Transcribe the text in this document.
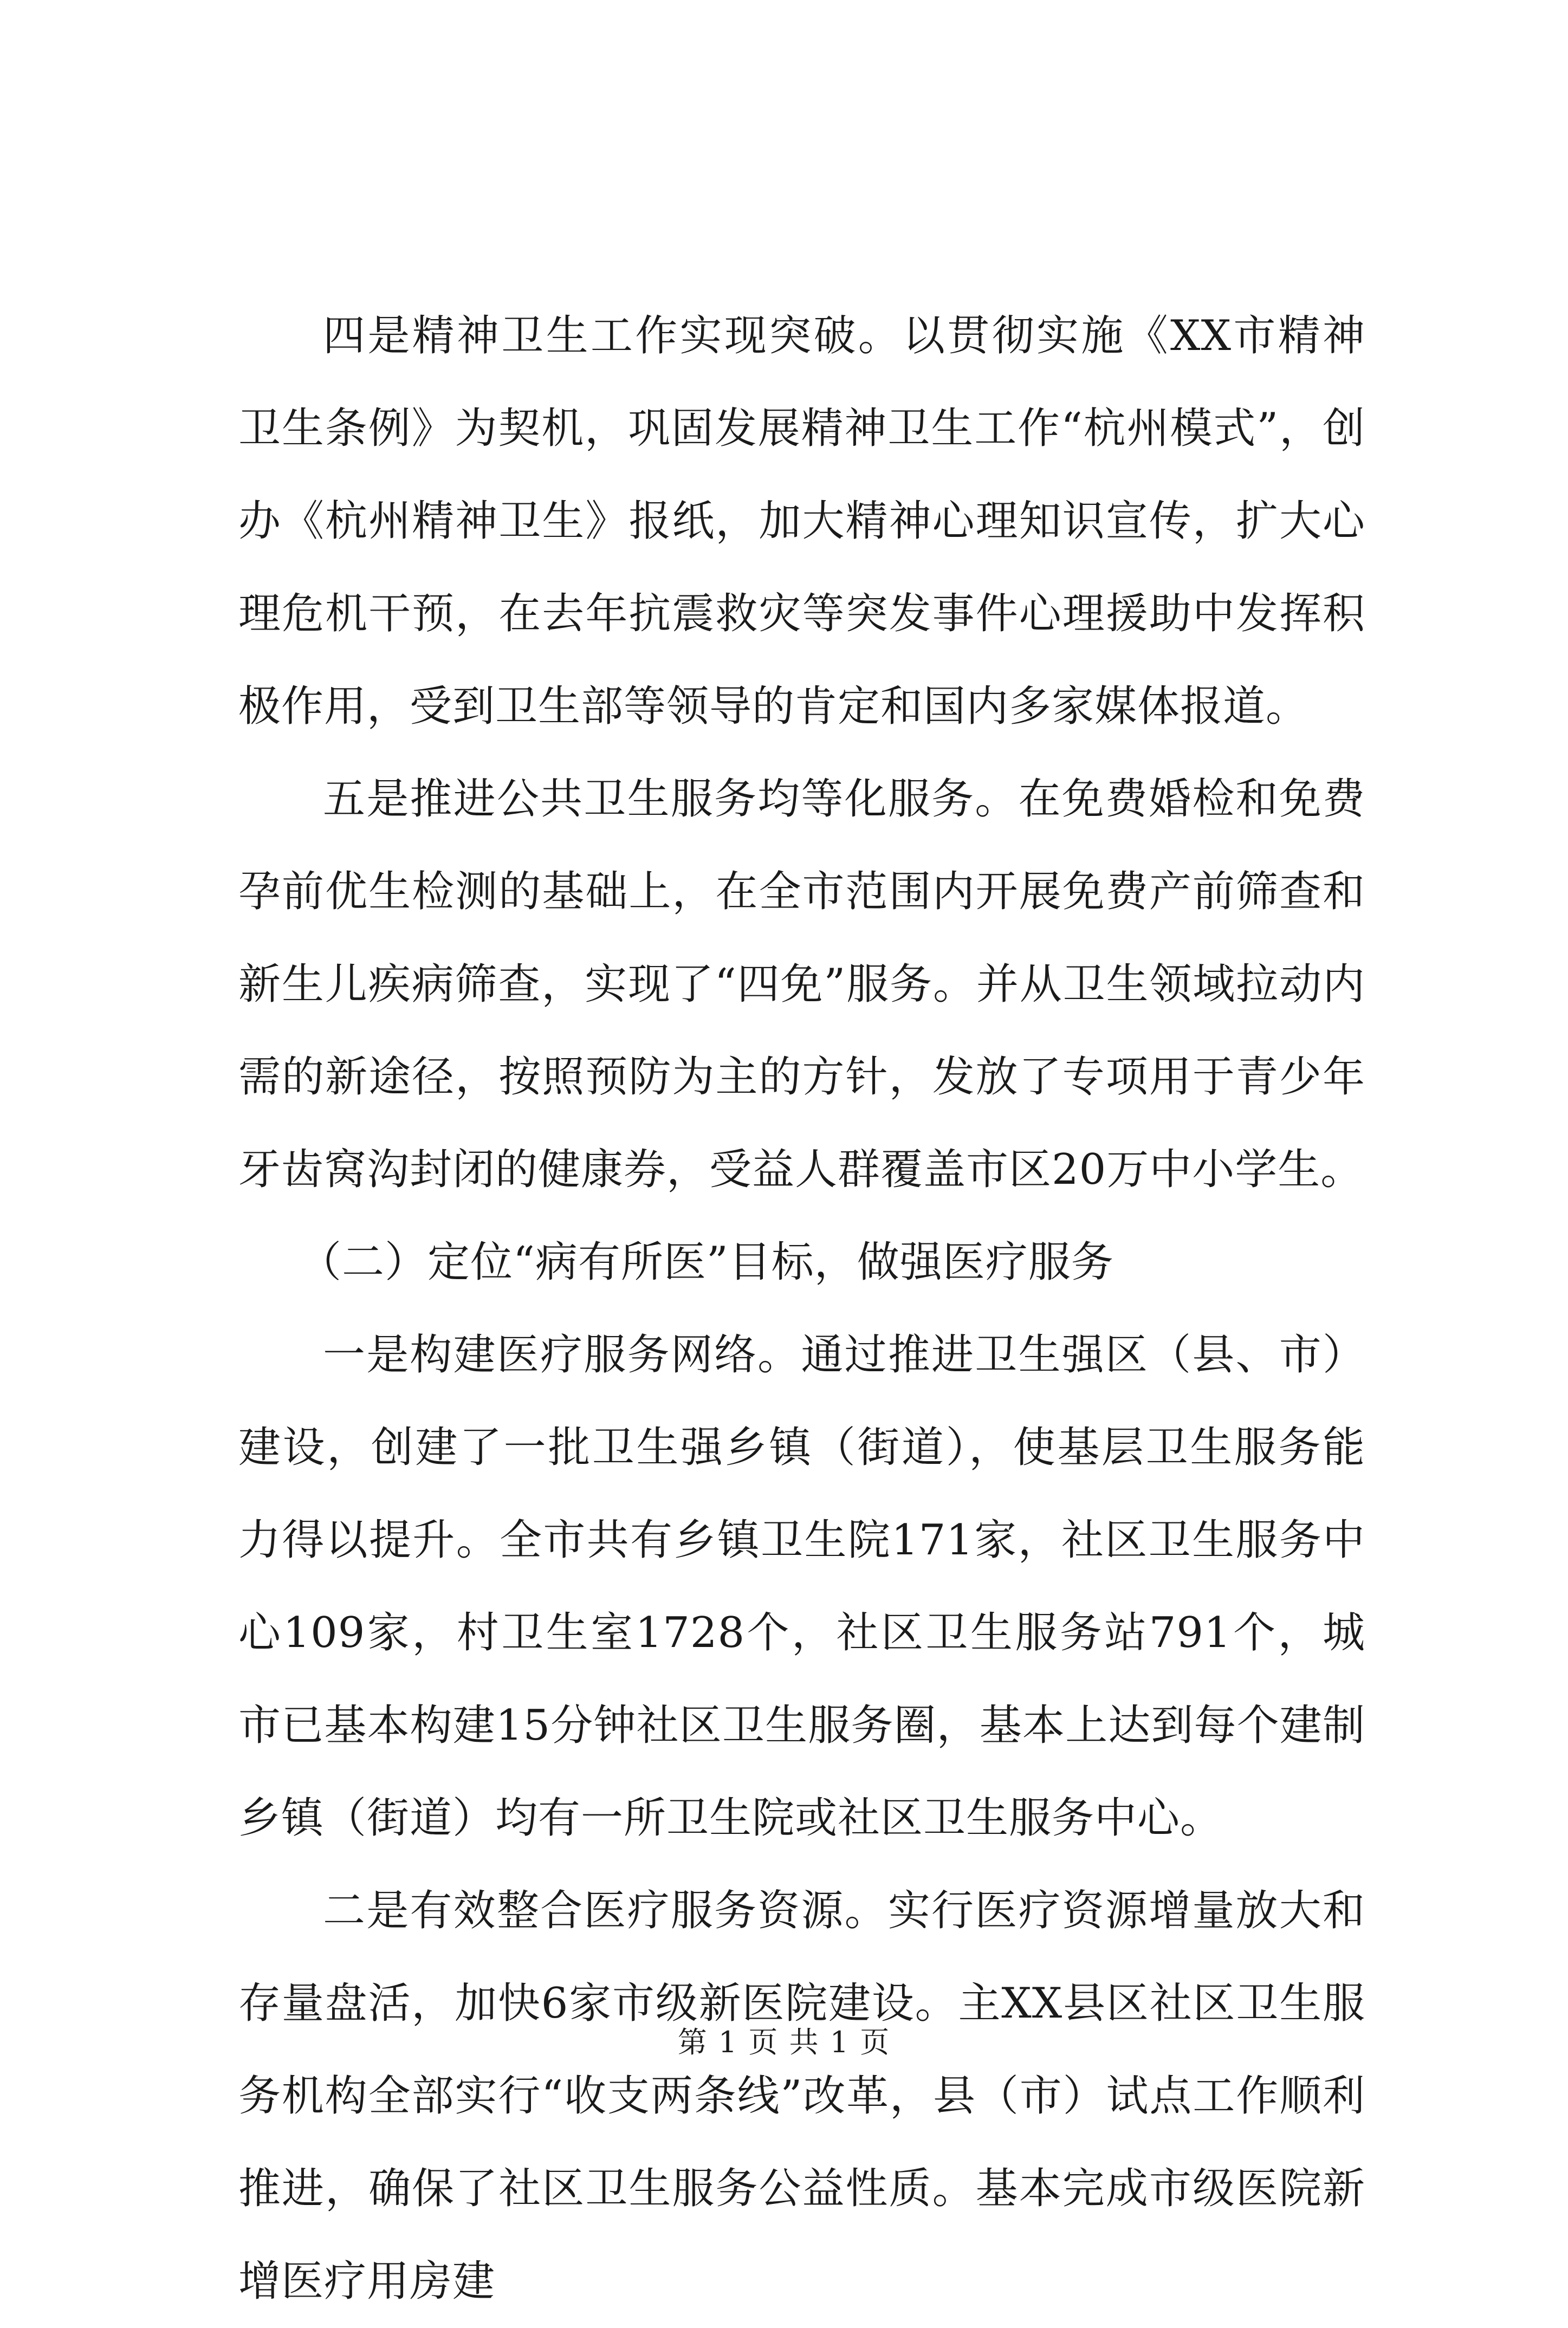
四是精神卫生工作实现突破。以贯彻实施《XX市精神卫生条例》为契机，巩固发展精神卫生工作“杭州模式”，创办《杭州精神卫生》报纸，加大精神心理知识宣传，扩大心理危机干预，在去年抗震救灾等突发事件心理援助中发挥积极作用，受到卫生部等领导的肯定和国内多家媒体报道。

五是推进公共卫生服务均等化服务。在免费婚检和免费孕前优生检测的基础上，在全市范围内开展免费产前筛查和新生儿疾病筛查，实现了“四免”服务。并从卫生领域拉动内需的新途径，按照预防为主的方针，发放了专项用于青少年牙齿窝沟封闭的健康券，受益人群覆盖市区20万中小学生。

（二）定位“病有所医”目标，做强医疗服务

一是构建医疗服务网络。通过推进卫生强区（县、市）建设，创建了一批卫生强乡镇（街道），使基层卫生服务能力得以提升。全市共有乡镇卫生院171家，社区卫生服务中心109家，村卫生室1728个，社区卫生服务站791个，城市已基本构建15分钟社区卫生服务圈，基本上达到每个建制乡镇（街道）均有一所卫生院或社区卫生服务中心。

二是有效整合医疗服务资源。实行医疗资源增量放大和存量盘活，加快6家市级新医院建设。主XX县区社区卫生服务机构全部实行“收支两条线”改革，县（市）试点工作顺利推进，确保了社区卫生服务公益性质。基本完成市级医院新增医疗用房建

第 1 页 共 1 页
